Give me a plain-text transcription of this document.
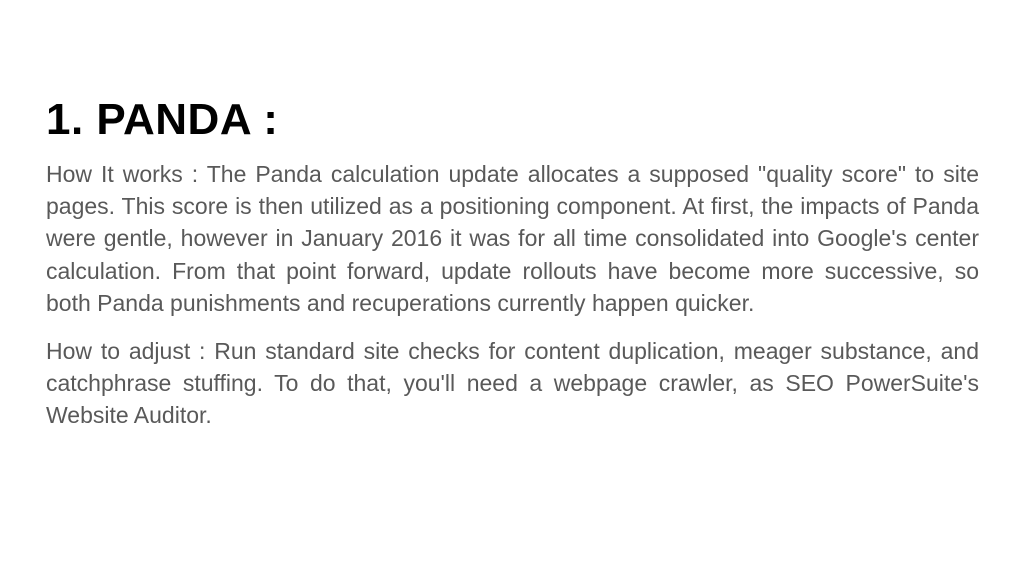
1. PANDA :

How It works : The Panda calculation update allocates a supposed "quality score" to site pages. This score is then utilized as a positioning component. At first, the impacts of Panda were gentle, however in January 2016 it was for all time consolidated into Google's center calculation. From that point forward, update rollouts have become more successive, so both Panda punishments and recuperations currently happen quicker.

How to adjust : Run standard site checks for content duplication, meager substance, and catchphrase stuffing. To do that, you'll need a webpage crawler, as SEO PowerSuite's Website Auditor.
